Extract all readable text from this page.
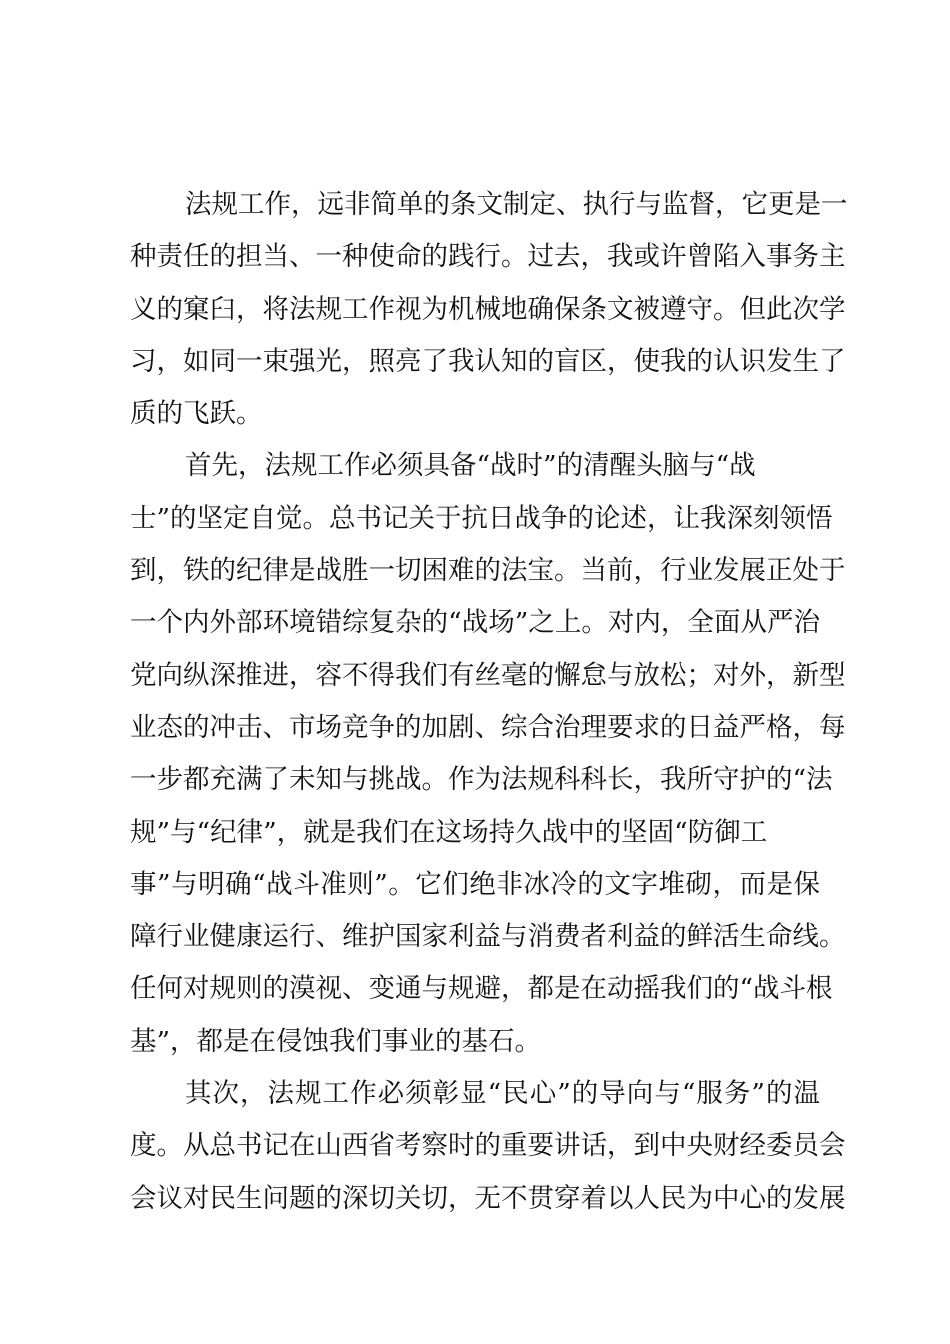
法规工作，远非简单的条文制定、执行与监督，它更是一
种责任的担当、一种使命的践行。过去，我或许曾陷入事务主
义的窠臼，将法规工作视为机械地确保条文被遵守。但此次学
习，如同一束强光，照亮了我认知的盲区，使我的认识发生了
质的飞跃。
首先，法规工作必须具备“战时”的清醒头脑与“战
士”的坚定自觉。总书记关于抗日战争的论述，让我深刻领悟
到，铁的纪律是战胜一切困难的法宝。当前，行业发展正处于
一个内外部环境错综复杂的“战场”之上。对内，全面从严治
党向纵深推进，容不得我们有丝毫的懈怠与放松；对外，新型
业态的冲击、市场竞争的加剧、综合治理要求的日益严格，每
一步都充满了未知与挑战。作为法规科科长，我所守护的“法
规”与“纪律”，就是我们在这场持久战中的坚固“防御工
事”与明确“战斗准则”。它们绝非冰冷的文字堆砌，而是保
障行业健康运行、维护国家利益与消费者利益的鲜活生命线。
任何对规则的漠视、变通与规避，都是在动摇我们的“战斗根
基”，都是在侵蚀我们事业的基石。
其次，法规工作必须彰显“民心”的导向与“服务”的温
度。从总书记在山西省考察时的重要讲话，到中央财经委员会
会议对民生问题的深切关切，无不贯穿着以人民为中心的发展
